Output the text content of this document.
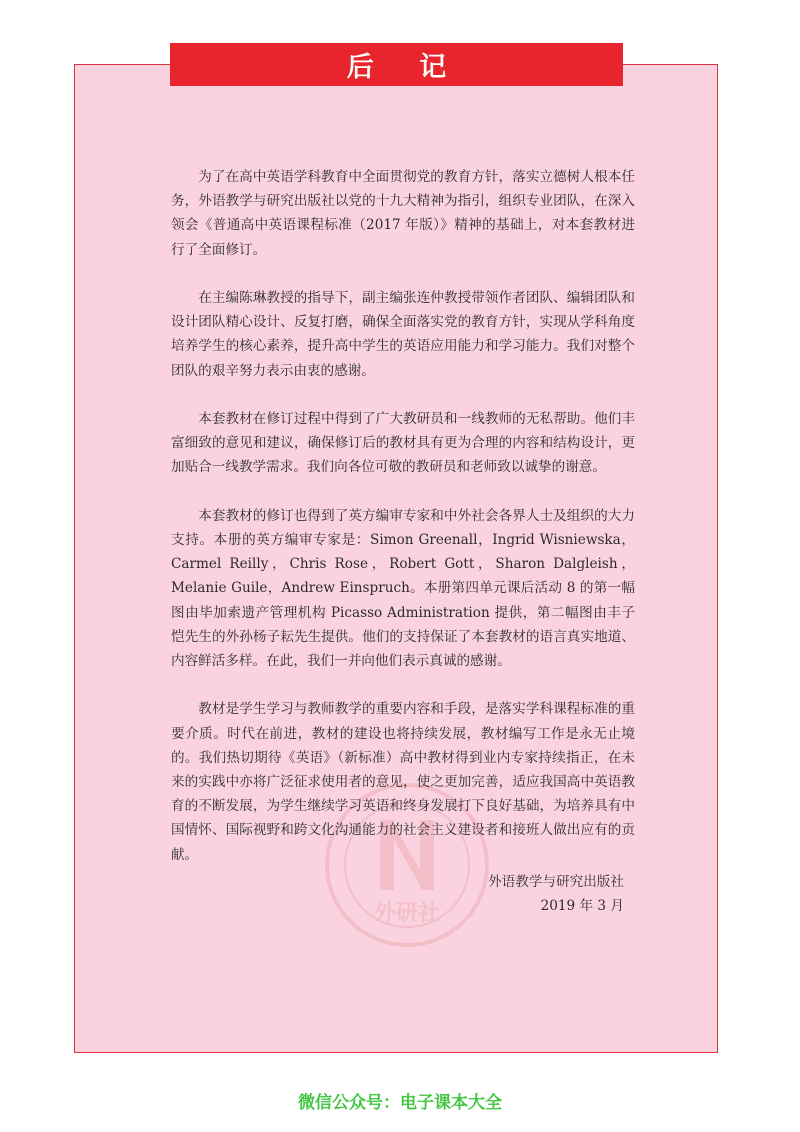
后 记
外研社

为了在高中英语学科教育中全面贯彻党的教育方针，落实立德树人根本任务，外语教学与研究出版社以党的十九大精神为指引，组织专业团队，在深入领会《普通高中英语课程标准（2017 年版）》精神的基础上，对本套教材进行了全面修订。

在主编陈琳教授的指导下，副主编张连仲教授带领作者团队、编辑团队和设计团队精心设计、反复打磨，确保全面落实党的教育方针，实现从学科角度培养学生的核心素养，提升高中学生的英语应用能力和学习能力。我们对整个团队的艰辛努力表示由衷的感谢。

本套教材在修订过程中得到了广大教研员和一线教师的无私帮助。他们丰富细致的意见和建议，确保修订后的教材具有更为合理的内容和结构设计，更加贴合一线教学需求。我们向各位可敬的教研员和老师致以诚挚的谢意。

本套教材的修订也得到了英方编审专家和中外社会各界人士及组织的大力支持。本册的英方编审专家是：Simon Greenall，Ingrid Wisniewska，Carmel Reilly，Chris Rose，Robert Gott，Sharon Dalgleish，Melanie Guile，Andrew Einspruch。本册第四单元课后活动 8 的第一幅图由毕加索遗产管理机构 Picasso Administration 提供，第二幅图由丰子恺先生的外孙杨子耘先生提供。他们的支持保证了本套教材的语言真实地道、内容鲜活多样。在此，我们一并向他们表示真诚的感谢。

教材是学生学习与教师教学的重要内容和手段，是落实学科课程标准的重要介质。时代在前进，教材的建设也将持续发展，教材编写工作是永无止境的。我们热切期待《英语》（新标准）高中教材得到业内专家持续指正，在未来的实践中亦将广泛征求使用者的意见，使之更加完善，适应我国高中英语教育的不断发展，为学生继续学习英语和终身发展打下良好基础，为培养具有中国情怀、国际视野和跨文化沟通能力的社会主义建设者和接班人做出应有的贡献。

外语教学与研究出版社
2019 年 3 月
微信公众号：电子课本大全
